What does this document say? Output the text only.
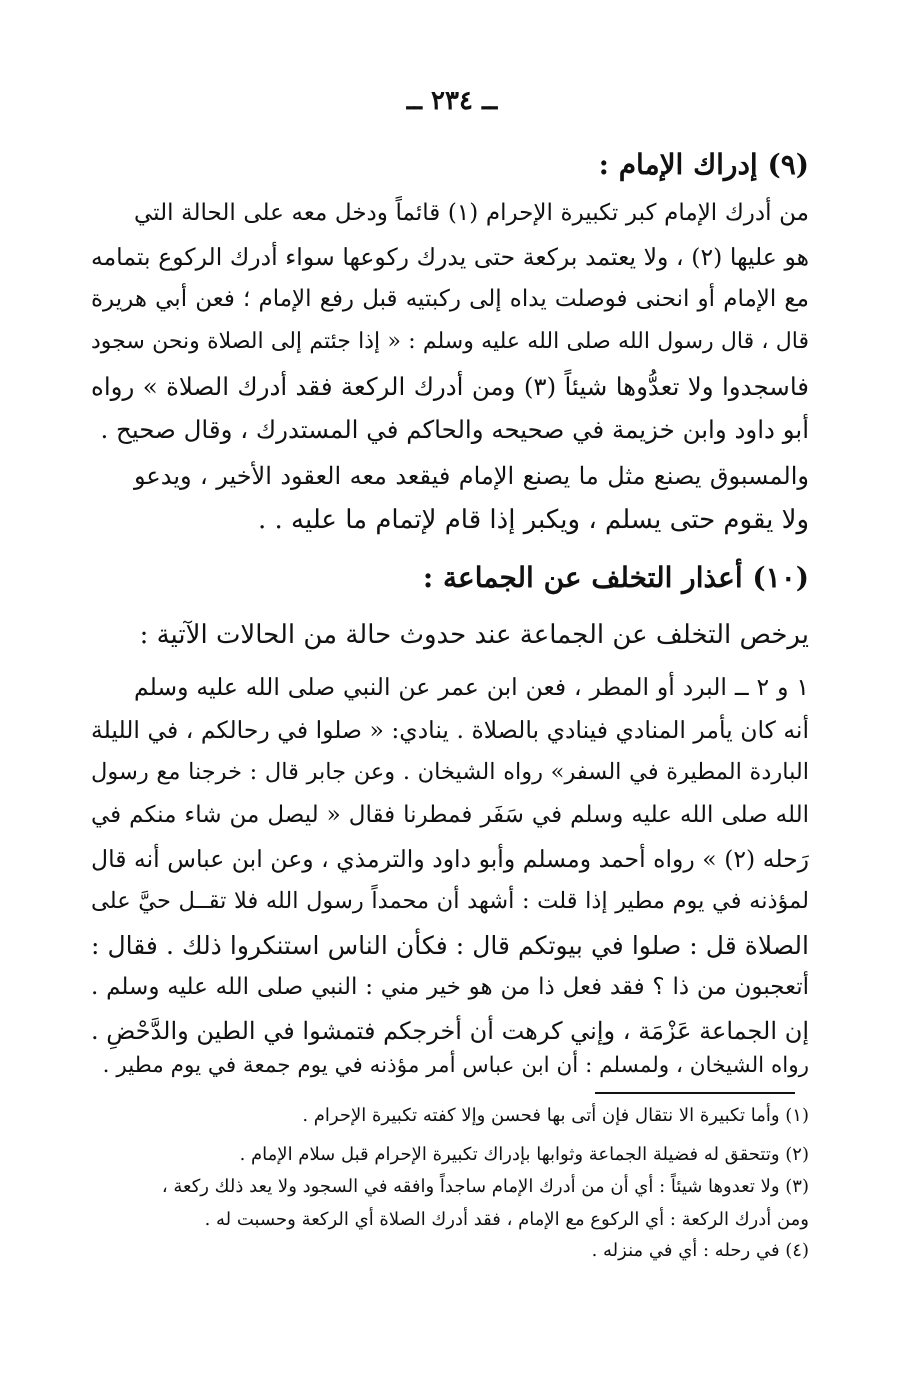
ــ ٢٣٤ ــ
(٩) إدراك الإمام :
من أدرك الإمام كبر تكبيرة الإحرام (١) قائماً ودخل معه على الحالة التي
هو عليها (٢) ، ولا يعتمد بركعة حتى يدرك ركوعها سواء أدرك الركوع بتمامه
مع الإمام أو انحنى فوصلت يداه إلى ركبتيه قبل رفع الإمام ؛ فعن أبي هريرة
قال ، قال رسول الله صلى الله عليه وسلم : « إذا جئتم إلى الصلاة ونحن سجود
فاسجدوا ولا تعدُّوها شيئاً (٣) ومن أدرك الركعة فقد أدرك الصلاة » رواه
أبو داود وابن خزيمة في صحيحه والحاكم في المستدرك ، وقال صحيح .
والمسبوق يصنع مثل ما يصنع الإمام فيقعد معه العقود الأخير ، ويدعو
ولا يقوم حتى يسلم ، ويكبر إذا قام لإتمام ما عليه . .
(١٠) أعذار التخلف عن الجماعة :
يرخص التخلف عن الجماعة عند حدوث حالة من الحالات الآتية :
١ و ٢ ــ البرد أو المطر ، فعن ابن عمر عن النبي صلى الله عليه وسلم
أنه كان يأمر المنادي فينادي بالصلاة . ينادي: « صلوا في رحالكم ، في الليلة
الباردة المطيرة في السفر» رواه الشيخان . وعن جابر قال : خرجنا مع رسول
الله صلى الله عليه وسلم في سَفَر فمطرنا فقال « ليصل من شاء منكم في
رَحله (٢) » رواه أحمد ومسلم وأبو داود والترمذي ، وعن ابن عباس أنه قال
لمؤذنه في يوم مطير إذا قلت : أشهد أن محمداً رسول الله فلا تقــل حيَّ على
الصلاة قل : صلوا في بيوتكم قال : فكأن الناس استنكروا ذلك . فقال :
أتعجبون من ذا ؟ فقد فعل ذا من هو خير مني : النبي صلى الله عليه وسلم .
إن الجماعة عَزْمَة ، وإني كرهت أن أخرجكم فتمشوا في الطين والدَّحْضِ .
رواه الشيخان ، ولمسلم : أن ابن عباس أمر مؤذنه في يوم جمعة في يوم مطير .
(١) وأما تكبيرة الا نتقال فإن أتى بها فحسن وإلا كفته تكبيرة الإحرام .
(٢) وتتحقق له فضيلة الجماعة وثوابها بإدراك تكبيرة الإحرام قبل سلام الإمام .
(٣) ولا تعدوها شيئاً : أي أن من أدرك الإمام ساجداً وافقه في السجود ولا يعد ذلك ركعة ،
ومن أدرك الركعة : أي الركوع مع الإمام ، فقد أدرك الصلاة أي الركعة وحسبت له .
(٤) في رحله : أي في منزله .
